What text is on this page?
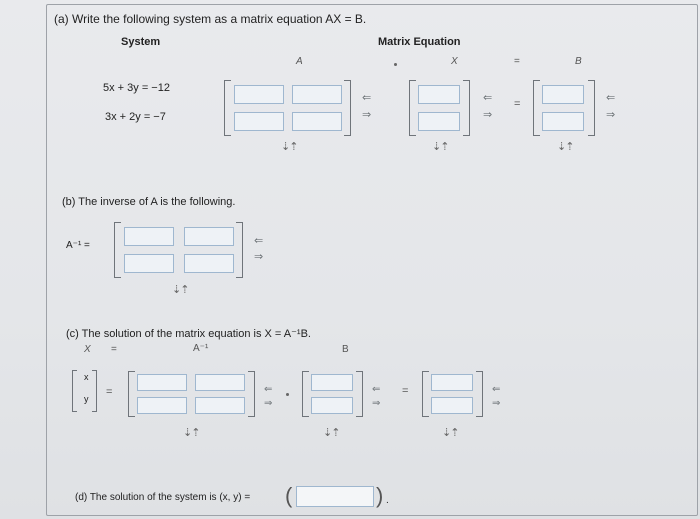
(a) Write the following system as a matrix equation AX = B.
System	Matrix Equation
A	X	=	B
5x + 3y = −12
3x + 2y = −7
⇐
⇒
⇣⇡
⇐
⇒
=
⇣⇡
⇐
⇒
⇣⇡
(b) The inverse of A is the following.
A⁻¹ =	⇐
⇒
⇣⇡
(c) The solution of the matrix equation is X = A⁻¹B.
X =	A⁻¹	B
x
y
=	⇐
⇒
⇣⇡
⇐
⇒
=
⇣⇡
⇐
⇒
⇣⇡
(d) The solution of the system is (x, y) = (	) .
